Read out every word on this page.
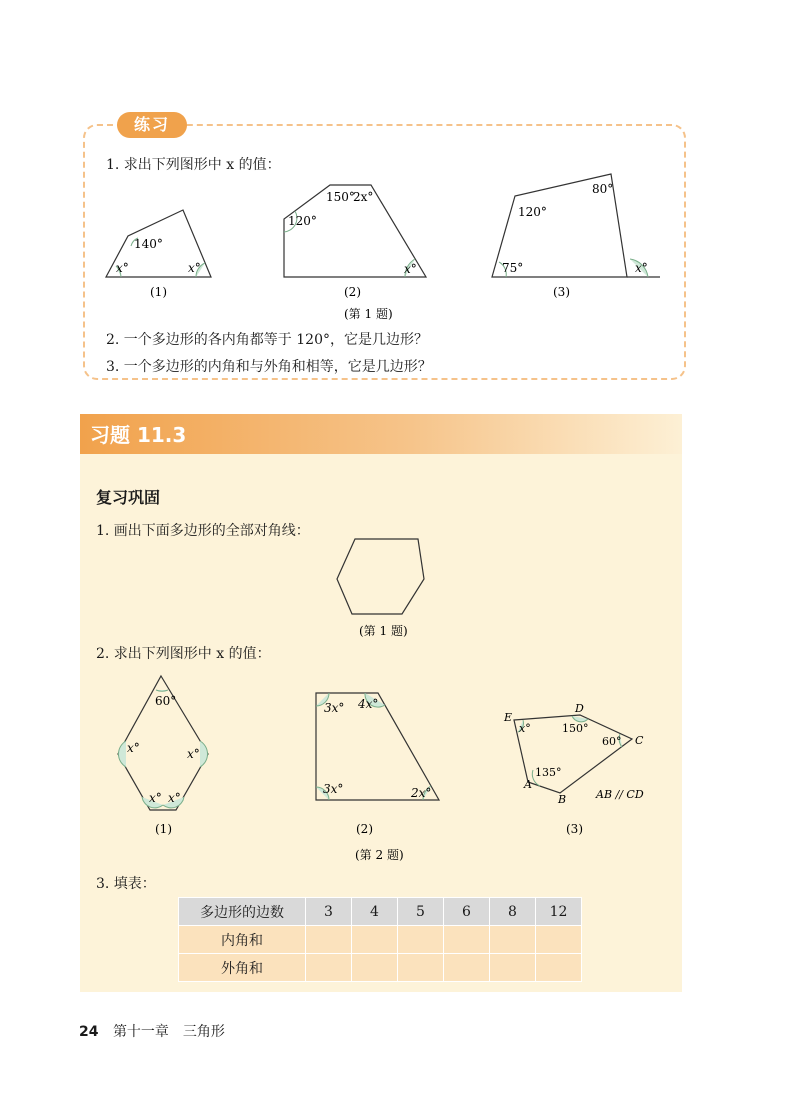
练习
1. 求出下列图形中 x 的值：
140°
x°	x°
(1)
150°
2x°
120°
x°
(2)
80°
120°
75°	x°
(3)
(第 1 题)
2. 一个多边形的各内角都等于 120°，它是几边形？
3. 一个多边形的内角和与外角和相等，它是几边形？
习题 11.3
复习巩固
1. 画出下面多边形的全部对角线：
2. 求出下列图形中 x 的值：
(第 1 题)
60°
x°	x°
x° x°
(1)
3x° 4x°
3x°	2x°
(2)
E
D
C
B
A
x°	150°
60°
135°
AB // CD
(3)
(第 2 题)
3. 填表：
多边形的边数	3	4	5	6	8	12
内角和						
外角和						
24 第十一章　三角形
